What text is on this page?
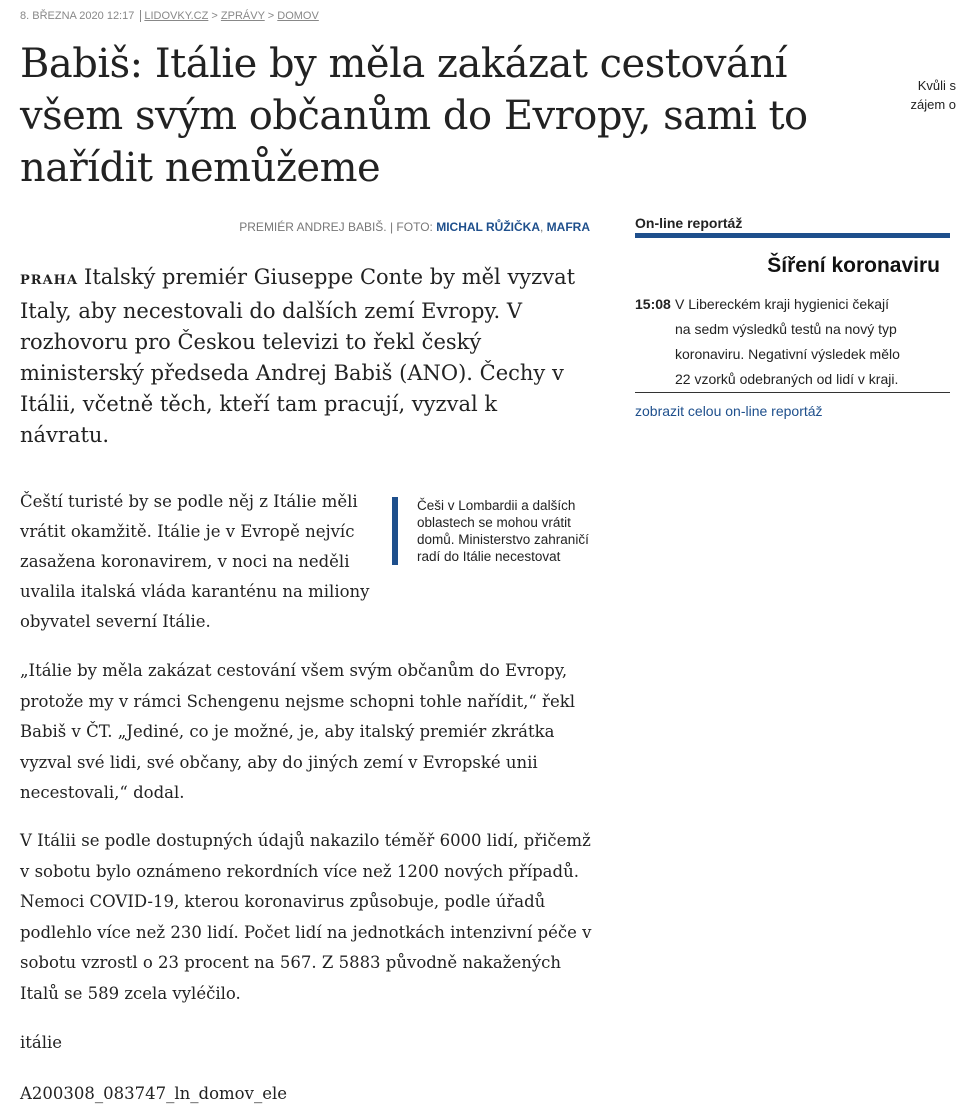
8. BŘEZNA 2020 12:17 LIDOVKY.CZ > ZPRÁVY > DOMOV
Babiš: Itálie by měla zakázat cestování všem svým občanům do Evropy, sami to nařídit nemůžeme
Kvůli s
zájem o
PREMIÉR ANDREJ BABIŠ. | FOTO: MICHAL RŮŽIČKA, MAFRA

PRAHA Italský premiér Giuseppe Conte by měl vyzvat Italy, aby necestovali do dalších zemí Evropy. V rozhovoru pro Českou televizi to řekl český ministerský předseda Andrej Babiš (ANO). Čechy v Itálii, včetně těch, kteří tam pracují, vyzval k návratu.

Čeští turisté by se podle něj z Itálie měli vrátit okamžitě. Itálie je v Evropě nejvíc zasažena koronavirem, v noci na neděli uvalila italská vláda karanténu na miliony obyvatel severní Itálie.

Češi v Lombardii a dalších oblastech se mohou vrátit domů. Ministerstvo zahraničí radí do Itálie necestovat

„Itálie by měla zakázat cestování všem svým občanům do Evropy, protože my v rámci Schengenu nejsme schopni tohle nařídit,“ řekl Babiš v ČT. „Jediné, co je možné, je, aby italský premiér zkrátka vyzval své lidi, své občany, aby do jiných zemí v Evropské unii necestovali,“ dodal.

V Itálii se podle dostupných údajů nakazilo téměř 6000 lidí, přičemž v sobotu bylo oznámeno rekordních více než 1200 nových případů. Nemoci COVID-19, kterou koronavirus způsobuje, podle úřadů podlehlo více než 230 lidí. Počet lidí na jednotkách intenzivní péče v sobotu vzrostl o 23 procent na 567. Z 5883 původně nakažených Italů se 589 zcela vyléčilo.

itálie

A200308_083747_ln_domov_ele

On-line reportáž
Šíření koronaviru
15:08 V Libereckém kraji hygienici čekají na sedm výsledků testů na nový typ koronaviru. Negativní výsledek mělo 22 vzorků odebraných od lidí v kraji.
zobrazit celou on-line reportáž
